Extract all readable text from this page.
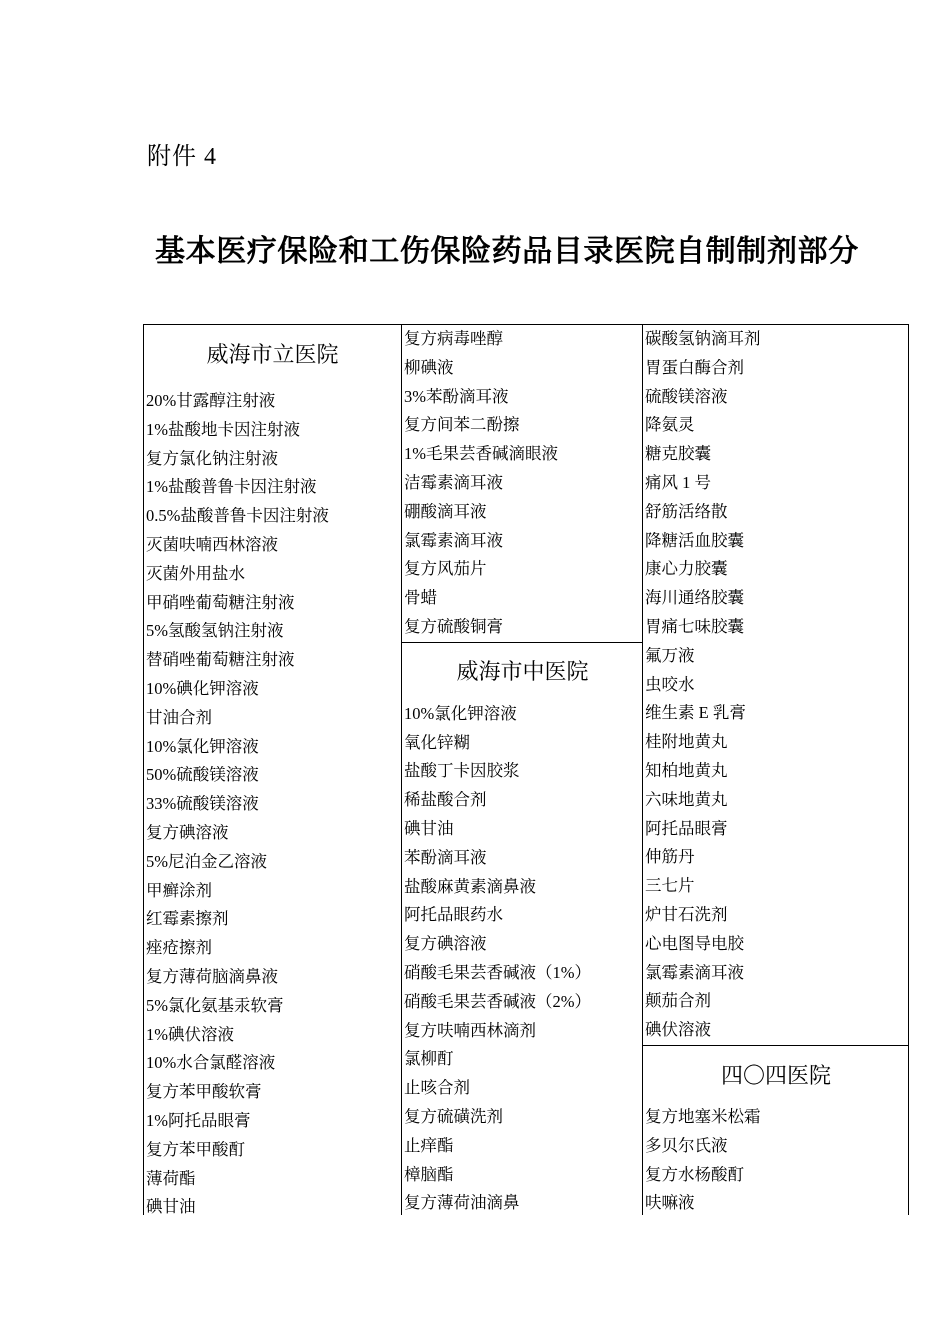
附件 4
基本医疗保险和工伤保险药品目录医院自制制剂部分
威海市立医院
20%甘露醇注射液
1%盐酸地卡因注射液
复方氯化钠注射液
1%盐酸普鲁卡因注射液
0.5%盐酸普鲁卡因注射液
灭菌呋喃西林溶液
灭菌外用盐水
甲硝唑葡萄糖注射液
5%氢酸氢钠注射液
替硝唑葡萄糖注射液
10%碘化钾溶液
甘油合剂
10%氯化钾溶液
50%硫酸镁溶液
33%硫酸镁溶液
复方碘溶液
5%尼泊金乙溶液
甲癣涂剂
红霉素擦剂
痤疮擦剂
复方薄荷脑滴鼻液
5%氯化氨基汞软膏
1%碘伏溶液
10%水合氯醛溶液
复方苯甲酸软膏
1%阿托品眼膏
复方苯甲酸酊
薄荷酯
碘甘油
复方病毒唑醇
柳碘液
3%苯酚滴耳液
复方间苯二酚擦
1%毛果芸香碱滴眼液
洁霉素滴耳液
硼酸滴耳液
氯霉素滴耳液
复方风茄片
骨蜡
复方硫酸铜膏
威海市中医院
10%氯化钾溶液
氧化锌糊
盐酸丁卡因胶浆
稀盐酸合剂
碘甘油
苯酚滴耳液
盐酸麻黄素滴鼻液
阿托品眼药水
复方碘溶液
硝酸毛果芸香碱液（1%）
硝酸毛果芸香碱液（2%）
复方呋喃西林滴剂
氯柳酊
止咳合剂
复方硫磺洗剂
止痒酯
樟脑酯
复方薄荷油滴鼻
碳酸氢钠滴耳剂
胃蛋白酶合剂
硫酸镁溶液
降氨灵
糖克胶囊
痛风 1 号
舒筋活络散
降糖活血胶囊
康心力胶囊
海川通络胶囊
胃痛七味胶囊
氟万液
虫咬水
维生素 E 乳膏
桂附地黄丸
知柏地黄丸
六味地黄丸
阿托品眼膏
伸筋丹
三七片
炉甘石洗剂
心电图导电胶
氯霉素滴耳液
颠茄合剂
碘伏溶液
四〇四医院
复方地塞米松霜
多贝尔氏液
复方水杨酸酊
呋嘛液
